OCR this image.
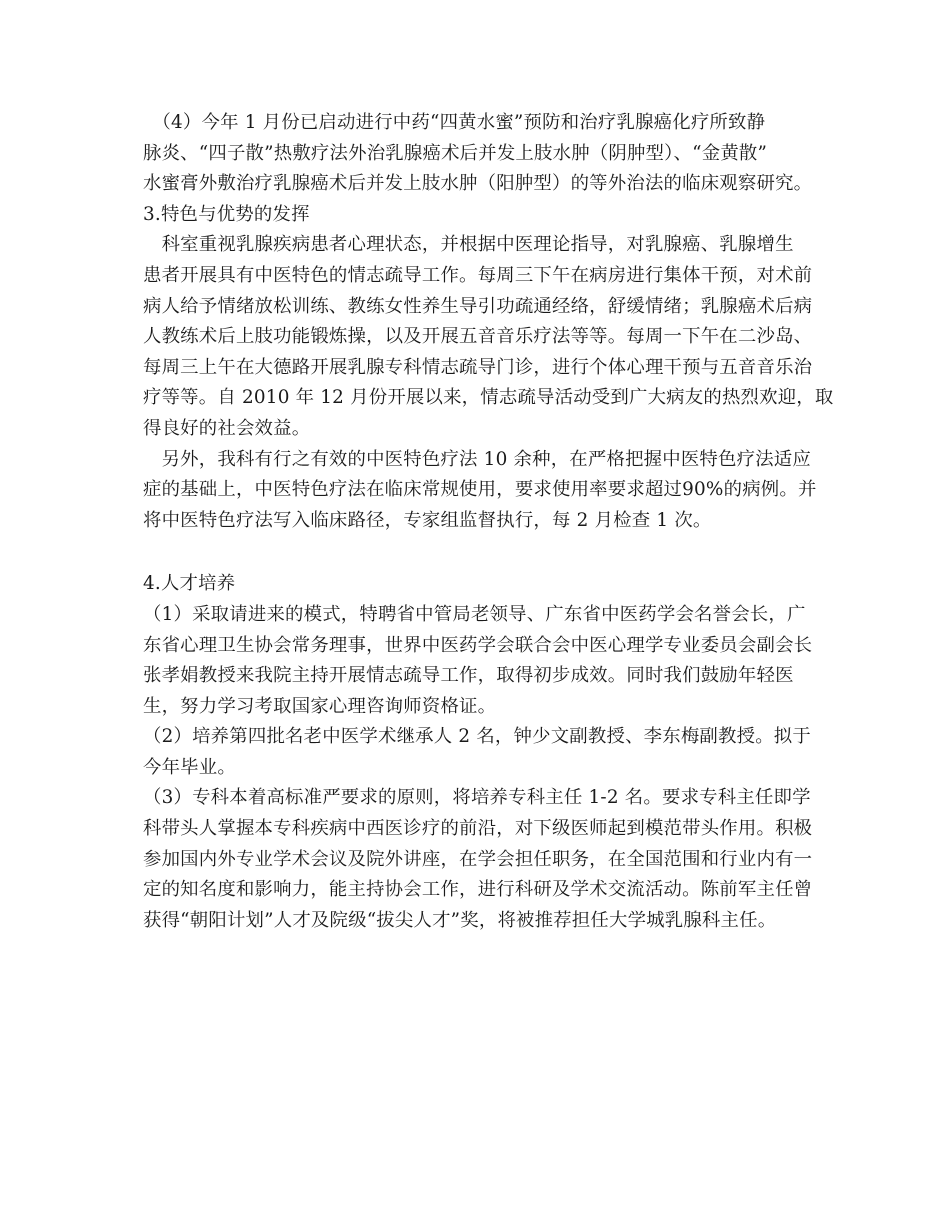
　（4）今年 1 月份已启动进行中药“四黄水蜜”预防和治疗乳腺癌化疗所致静
脉炎、“四子散”热敷疗法外治乳腺癌术后并发上肢水肿（阴肿型）、“金黄散”
水蜜膏外敷治疗乳腺癌术后并发上肢水肿（阳肿型）的等外治法的临床观察研究。
3.特色与优势的发挥
　科室重视乳腺疾病患者心理状态，并根据中医理论指导，对乳腺癌、乳腺增生
患者开展具有中医特色的情志疏导工作。每周三下午在病房进行集体干预，对术前
病人给予情绪放松训练、教练女性养生导引功疏通经络，舒缓情绪；乳腺癌术后病
人教练术后上肢功能锻炼操，以及开展五音音乐疗法等等。每周一下午在二沙岛、
每周三上午在大德路开展乳腺专科情志疏导门诊，进行个体心理干预与五音音乐治
疗等等。自 2010 年 12 月份开展以来，情志疏导活动受到广大病友的热烈欢迎，取
得良好的社会效益。
　另外，我科有行之有效的中医特色疗法 10 余种，在严格把握中医特色疗法适应
症的基础上，中医特色疗法在临床常规使用，要求使用率要求超过90%的病例。并
将中医特色疗法写入临床路径，专家组监督执行，每 2 月检查 1 次。
4.人才培养
（1）采取请进来的模式，特聘省中管局老领导、广东省中医药学会名誉会长，广
东省心理卫生协会常务理事，世界中医药学会联合会中医心理学专业委员会副会长
张孝娟教授来我院主持开展情志疏导工作，取得初步成效。同时我们鼓励年轻医
生，努力学习考取国家心理咨询师资格证。
（2）培养第四批名老中医学术继承人 2 名，钟少文副教授、李东梅副教授。拟于
今年毕业。
（3）专科本着高标准严要求的原则，将培养专科主任 1-2 名。要求专科主任即学
科带头人掌握本专科疾病中西医诊疗的前沿，对下级医师起到模范带头作用。积极
参加国内外专业学术会议及院外讲座，在学会担任职务，在全国范围和行业内有一
定的知名度和影响力，能主持协会工作，进行科研及学术交流活动。陈前军主任曾
获得“朝阳计划”人才及院级“拔尖人才”奖，将被推荐担任大学城乳腺科主任。
